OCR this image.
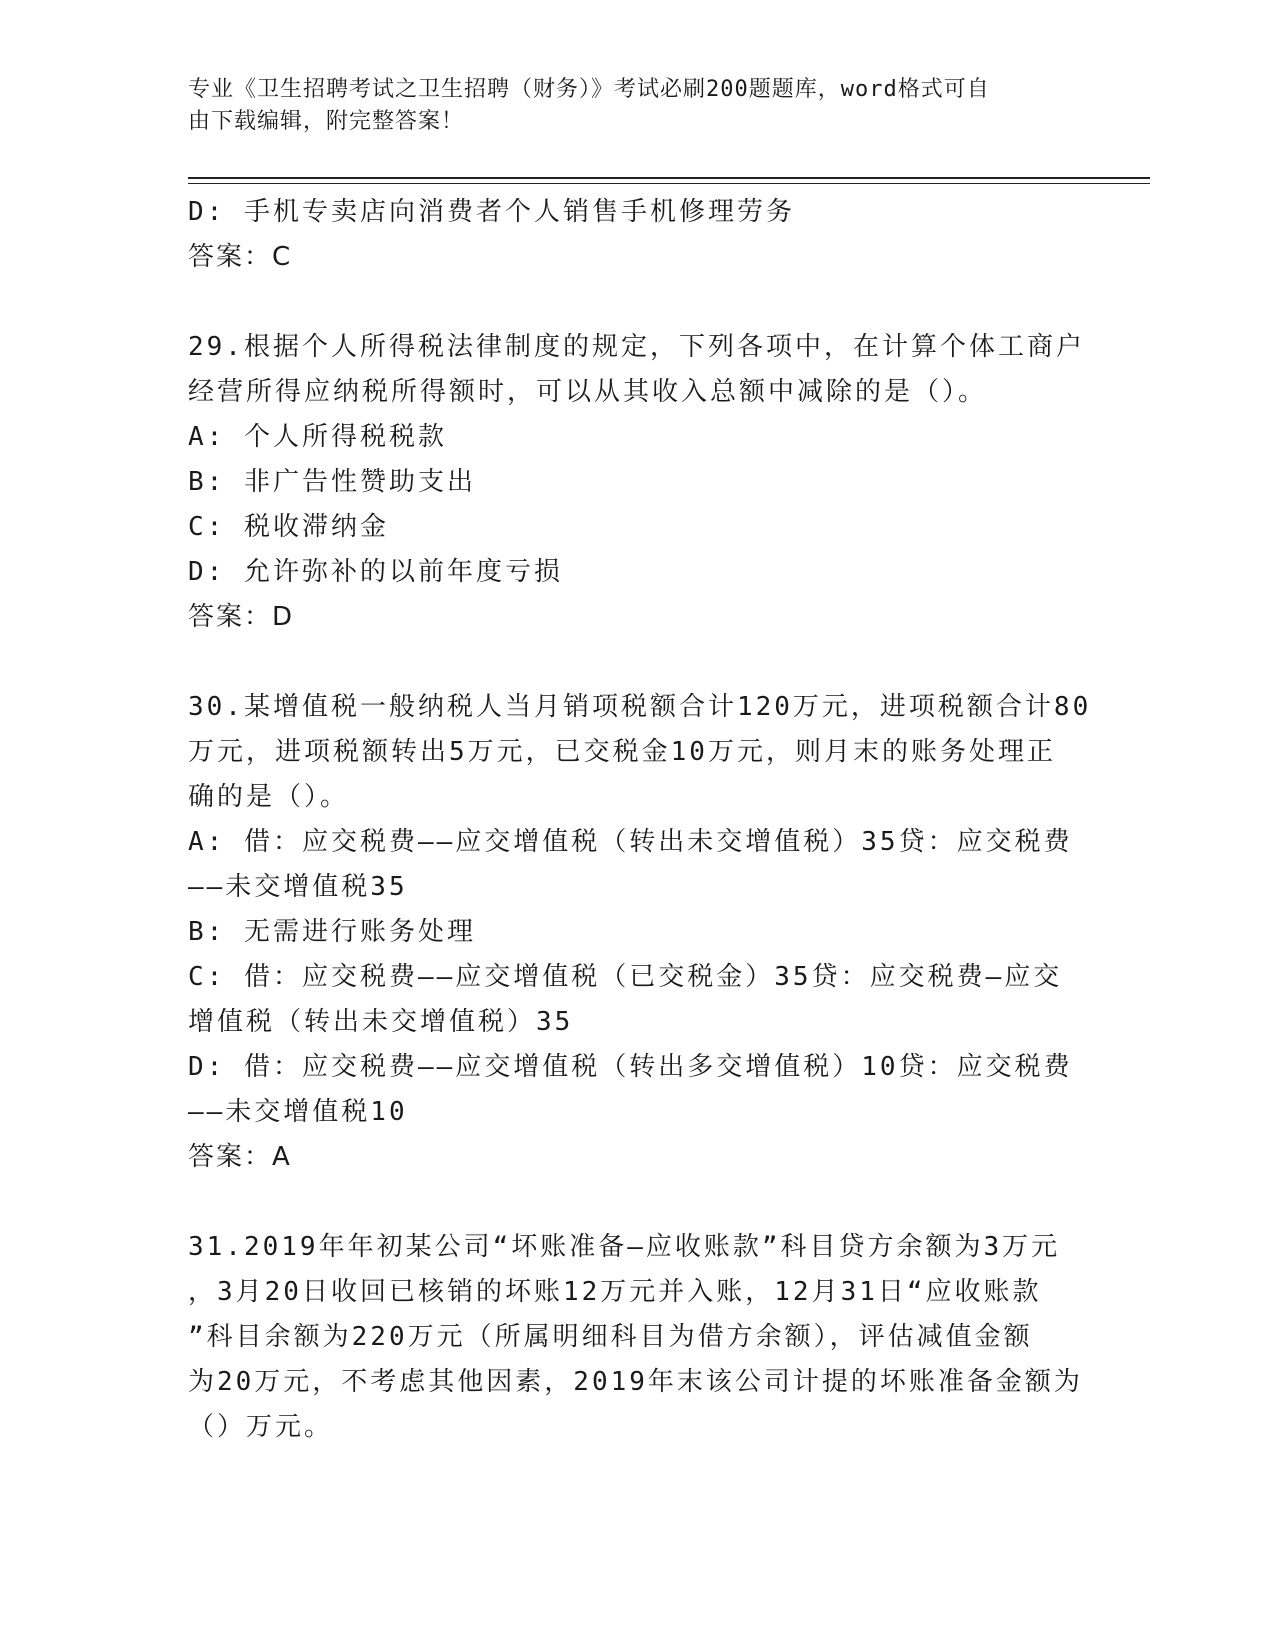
专业《卫生招聘考试之卫生招聘（财务）》考试必刷200题题库，word格式可自
由下载编辑，附完整答案！
D: 手机专卖店向消费者个人销售手机修理劳务
答案：C
29.根据个人所得税法律制度的规定，下列各项中，在计算个体工商户
经营所得应纳税所得额时，可以从其收入总额中减除的是（）。
A: 个人所得税税款
B: 非广告性赞助支出
C: 税收滞纳金
D: 允许弥补的以前年度亏损
答案：D
30.某增值税一般纳税人当月销项税额合计120万元，进项税额合计80
万元，进项税额转出5万元，已交税金10万元，则月末的账务处理正
确的是（）。
A: 借：应交税费——应交增值税（转出未交增值税）35贷：应交税费
——未交增值税35
B: 无需进行账务处理
C: 借：应交税费——应交增值税（已交税金）35贷：应交税费—应交
增值税（转出未交增值税）35
D: 借：应交税费——应交增值税（转出多交增值税）10贷：应交税费
——未交增值税10
答案：A
31.2019年年初某公司“坏账准备—应收账款”科目贷方余额为3万元
，3月20日收回已核销的坏账12万元并入账，12月31日“应收账款
”科目余额为220万元（所属明细科目为借方余额），评估减值金额
为20万元，不考虑其他因素，2019年末该公司计提的坏账准备金额为
（）万元。
